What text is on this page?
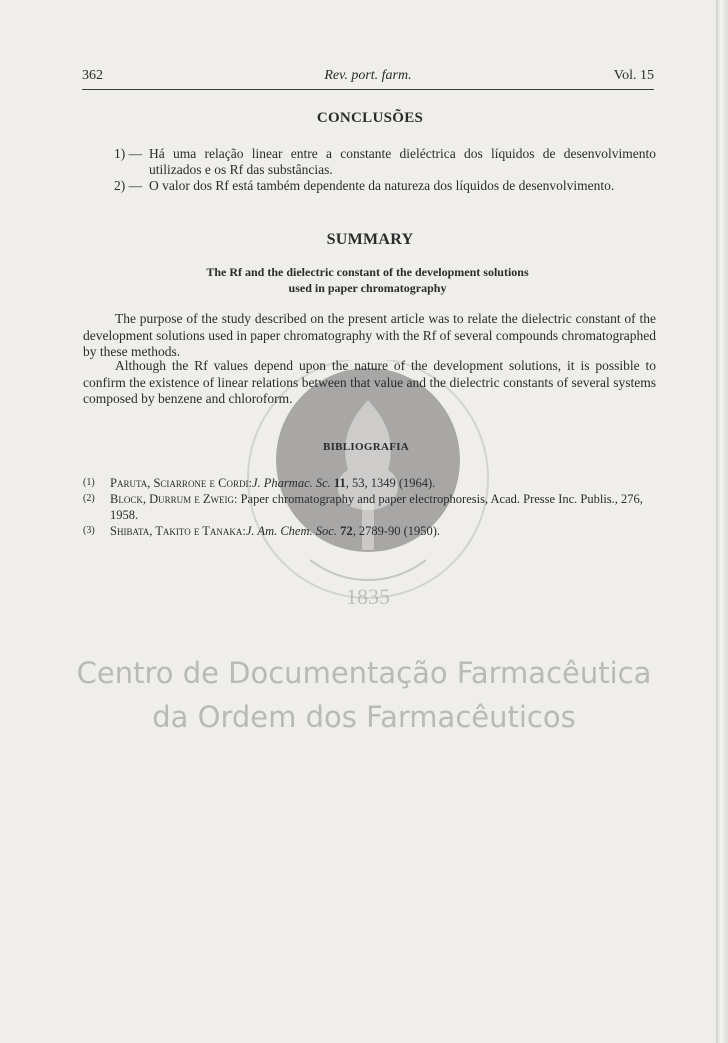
1835
362	Rev. port. farm.	Vol. 15
CONCLUSÕES
1) — Há uma relação linear entre a constante dieléctrica dos líquidos de desenvolvimento utilizados e os Rf das substâncias.
2) — O valor dos Rf está também dependente da natureza dos líquidos de desenvolvimento.
SUMMARY
The Rf and the dielectric constant of the development solutions
used in paper chromatography

The purpose of the study described on the present article was to relate the dielectric constant of the development solutions used in paper chromatography with the Rf of several compounds chromatographed by these methods.

Although the Rf values depend upon the nature of the development solutions, it is possible to confirm the existence of linear relations between that value and the dielectric constants of several systems composed by benzene and chloroform.

BIBLIOGRAFIA
(1)	Paruta, Sciarrone e Cordi:J. Pharmac. Sc. 11, 53, 1349 (1964).
(2)	Block, Durrum e Zweig: Paper chromatography and paper electrophoresis, Acad. Presse Inc. Publis., 276, 1958.
(3)	Shibata, Takito e Tanaka:J. Am. Chem. Soc. 72, 2789-90 (1950).
Centro de Documentação Farmacêutica
da Ordem dos Farmacêuticos
